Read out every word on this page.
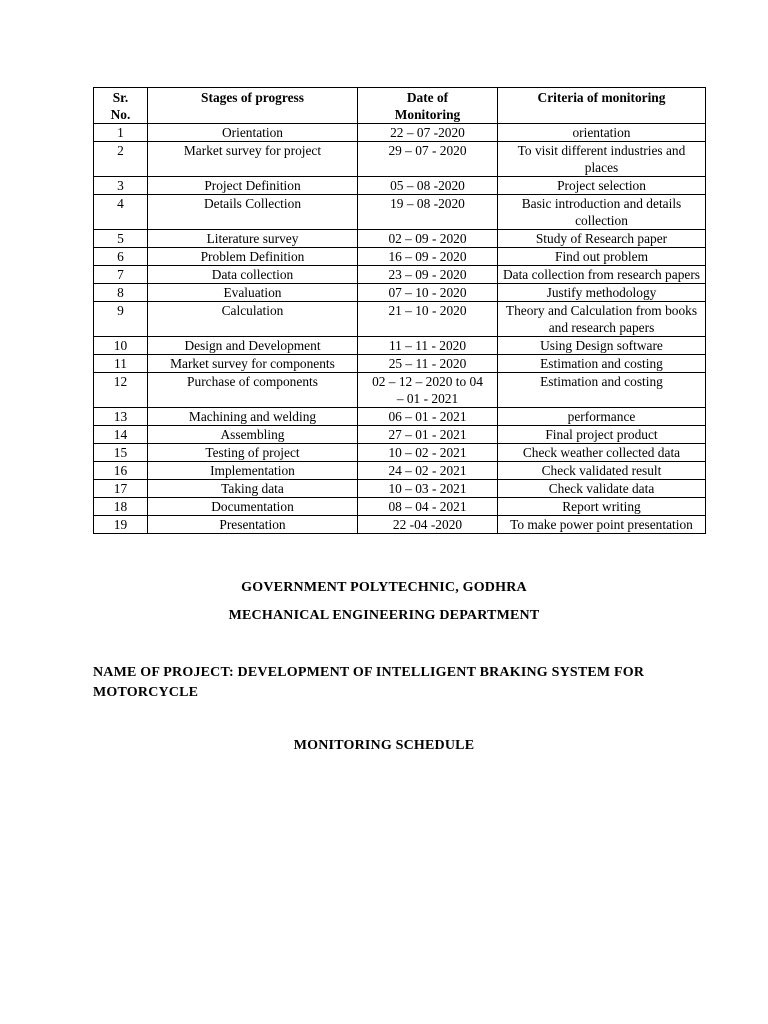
Sr. No.	Stages of progress	Date of Monitoring	Criteria of monitoring
1	Orientation	22 – 07 -2020	orientation
2	Market survey for project	29 – 07 - 2020	To visit different industries and places
3	Project Definition	05 – 08 -2020	Project selection
4	Details Collection	19 – 08 -2020	Basic introduction and details collection
5	Literature survey	02 – 09 - 2020	Study of Research paper
6	Problem Definition	16 – 09 - 2020	Find out problem
7	Data collection	23 – 09 - 2020	Data collection from research papers
8	Evaluation	07 – 10 - 2020	Justify methodology
9	Calculation	21 – 10 - 2020	Theory and Calculation from books and research papers
10	Design and Development	11 – 11 - 2020	Using Design software
11	Market survey for components	25 – 11 - 2020	Estimation and costing
12	Purchase of components	02 – 12 – 2020 to 04 – 01 - 2021	Estimation and costing
13	Machining and welding	06 – 01 - 2021	performance
14	Assembling	27 – 01 - 2021	Final project product
15	Testing of project	10 – 02 - 2021	Check weather collected data
16	Implementation	24 – 02 - 2021	Check validated result
17	Taking data	10 – 03 - 2021	Check validate data
18	Documentation	08 – 04 - 2021	Report writing
19	Presentation	22 -04 -2020	To make power point presentation
GOVERNMENT POLYTECHNIC, GODHRA
MECHANICAL ENGINEERING DEPARTMENT
NAME OF PROJECT: DEVELOPMENT OF INTELLIGENT BRAKING SYSTEM FOR MOTORCYCLE
MONITORING SCHEDULE
